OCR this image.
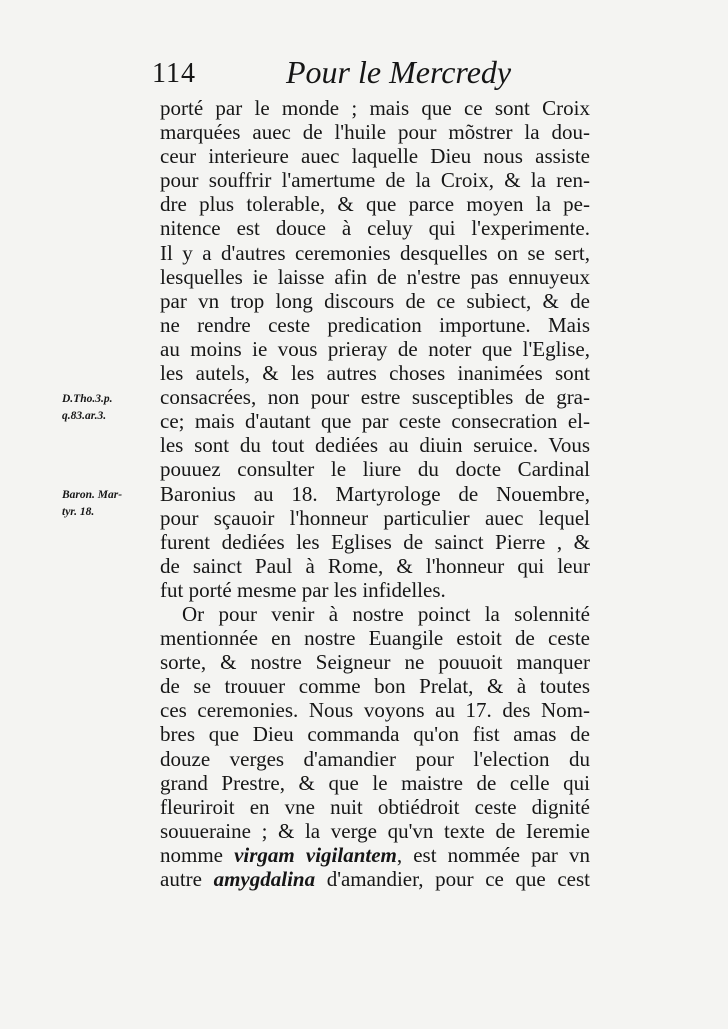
114	Pour le Mercredy
D.Tho.3.p.
q.83.ar.3.
Baron. Mar-
tyr. 18.
porté par le monde ; mais que ce sont Croix
marquées auec de l'huile pour mõstrer la dou-
ceur interieure auec laquelle Dieu nous assiste
pour souffrir l'amertume de la Croix, & la ren-
dre plus tolerable, & que parce moyen la pe-
nitence est douce à celuy qui l'experimente.
Il y a d'autres ceremonies desquelles on se sert,
lesquelles ie laisse afin de n'estre pas ennuyeux
par vn trop long discours de ce subiect, & de
ne rendre ceste predication importune. Mais
au moins ie vous prieray de noter que l'Eglise,
les autels, & les autres choses inanimées sont
consacrées, non pour estre susceptibles de gra-
ce; mais d'autant que par ceste consecration el-
les sont du tout dediées au diuin seruice. Vous
pouuez consulter le liure du docte Cardinal
Baronius au 18. Martyrologe de Nouembre,
pour sçauoir l'honneur particulier auec lequel
furent dediées les Eglises de sainct Pierre , &
de sainct Paul à Rome, & l'honneur qui leur
fut porté mesme par les infidelles.
Or pour venir à nostre poinct la solennité
mentionnée en nostre Euangile estoit de ceste
sorte, & nostre Seigneur ne pouuoit manquer
de se trouuer comme bon Prelat, & à toutes
ces ceremonies. Nous voyons au 17. des Nom-
bres que Dieu commanda qu'on fist amas de
douze verges d'amandier pour l'election du
grand Prestre, & que le maistre de celle qui
fleuriroit en vne nuit obtiédroit ceste dignité
souueraine ; & la verge qu'vn texte de Ieremie
nomme virgam vigilantem, est nommée par vn
autre amygdalina d'amandier, pour ce que cest
